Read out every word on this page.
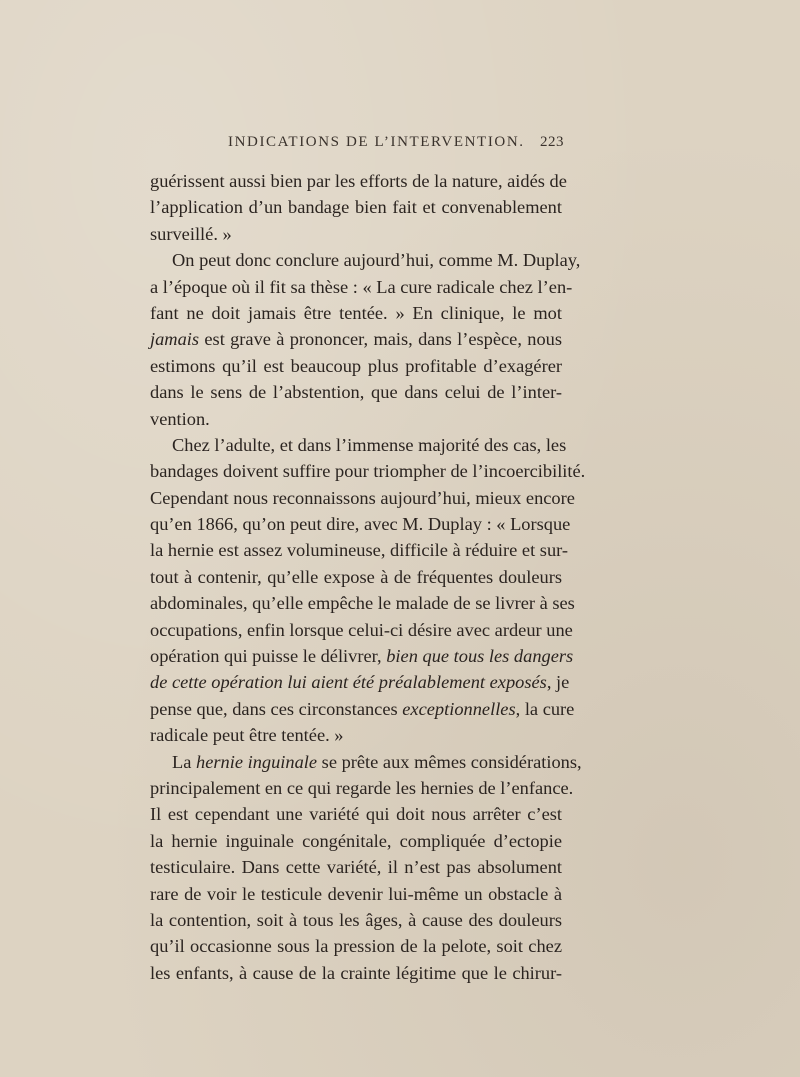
INDICATIONS DE L’INTERVENTION. 223
guérissent aussi bien par les efforts de la nature, aidés de
l’application d’un bandage bien fait et convenablement
surveillé. »
On peut donc conclure aujourd’hui, comme M. Duplay,
a l’époque où il fit sa thèse : « La cure radicale chez l’en-
fant ne doit jamais être tentée. » En clinique, le mot
jamais est grave à prononcer, mais, dans l’espèce, nous
estimons qu’il est beaucoup plus profitable d’exagérer
dans le sens de l’abstention, que dans celui de l’inter-
vention.
Chez l’adulte, et dans l’immense majorité des cas, les
bandages doivent suffire pour triompher de l’incoercibilité.
Cependant nous reconnaissons aujourd’hui, mieux encore
qu’en 1866, qu’on peut dire, avec M. Duplay : « Lorsque
la hernie est assez volumineuse, difficile à réduire et sur-
tout à contenir, qu’elle expose à de fréquentes douleurs
abdominales, qu’elle empêche le malade de se livrer à ses
occupations, enfin lorsque celui-ci désire avec ardeur une
opération qui puisse le délivrer, bien que tous les dangers
de cette opération lui aient été préalablement exposés, je
pense que, dans ces circonstances exceptionnelles, la cure
radicale peut être tentée. »
La hernie inguinale se prête aux mêmes considérations,
principalement en ce qui regarde les hernies de l’enfance.
Il est cependant une variété qui doit nous arrêter c’est
la hernie inguinale congénitale, compliquée d’ectopie
testiculaire. Dans cette variété, il n’est pas absolument
rare de voir le testicule devenir lui-même un obstacle à
la contention, soit à tous les âges, à cause des douleurs
qu’il occasionne sous la pression de la pelote, soit chez
les enfants, à cause de la crainte légitime que le chirur-
